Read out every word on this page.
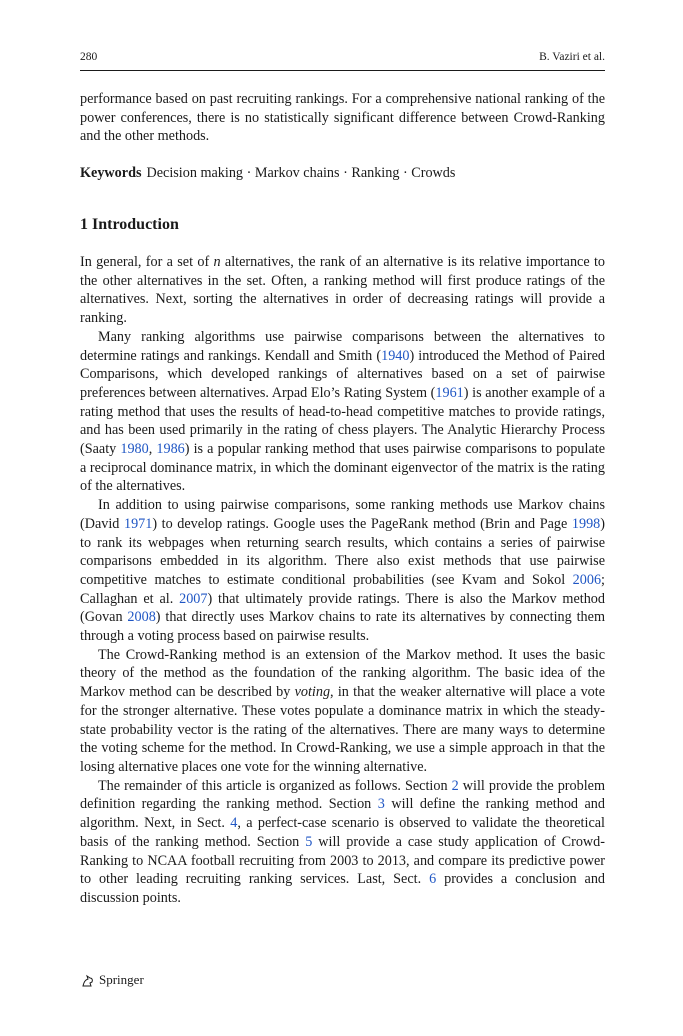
280	B. Vaziri et al.

performance based on past recruiting rankings. For a comprehensive national ranking of the power conferences, there is no statistically significant difference between Crowd-Ranking and the other methods.

Keywords Decision making · Markov chains · Ranking · Crowds

1 Introduction

In general, for a set of n alternatives, the rank of an alternative is its relative importance to the other alternatives in the set. Often, a ranking method will first produce ratings of the alternatives. Next, sorting the alternatives in order of decreasing ratings will provide a ranking.

Many ranking algorithms use pairwise comparisons between the alternatives to determine ratings and rankings. Kendall and Smith (1940) introduced the Method of Paired Comparisons, which developed rankings of alternatives based on a set of pairwise preferences between alternatives. Arpad Elo’s Rating System (1961) is another example of a rating method that uses the results of head-to-head competitive matches to provide ratings, and has been used primarily in the rating of chess players. The Analytic Hierarchy Process (Saaty 1980, 1986) is a popular ranking method that uses pairwise comparisons to populate a reciprocal dominance matrix, in which the dominant eigenvector of the matrix is the rating of the alternatives.

In addition to using pairwise comparisons, some ranking methods use Markov chains (David 1971) to develop ratings. Google uses the PageRank method (Brin and Page 1998) to rank its webpages when returning search results, which contains a series of pairwise comparisons embedded in its algorithm. There also exist methods that use pairwise competitive matches to estimate conditional probabilities (see Kvam and Sokol 2006; Callaghan et al. 2007) that ultimately provide ratings. There is also the Markov method (Govan 2008) that directly uses Markov chains to rate its alternatives by connecting them through a voting process based on pairwise results.

The Crowd-Ranking method is an extension of the Markov method. It uses the basic theory of the method as the foundation of the ranking algorithm. The basic idea of the Markov method can be described by voting, in that the weaker alternative will place a vote for the stronger alternative. These votes populate a dominance matrix in which the steady-state probability vector is the rating of the alternatives. There are many ways to determine the voting scheme for the method. In Crowd-Ranking, we use a simple approach in that the losing alternative places one vote for the winning alternative.

The remainder of this article is organized as follows. Section 2 will provide the problem definition regarding the ranking method. Section 3 will define the ranking method and algorithm. Next, in Sect. 4, a perfect-case scenario is observed to validate the theoretical basis of the ranking method. Section 5 will provide a case study application of Crowd-Ranking to NCAA football recruiting from 2003 to 2013, and compare its predictive power to other leading recruiting ranking services. Last, Sect. 6 provides a conclusion and discussion points.

Springer
